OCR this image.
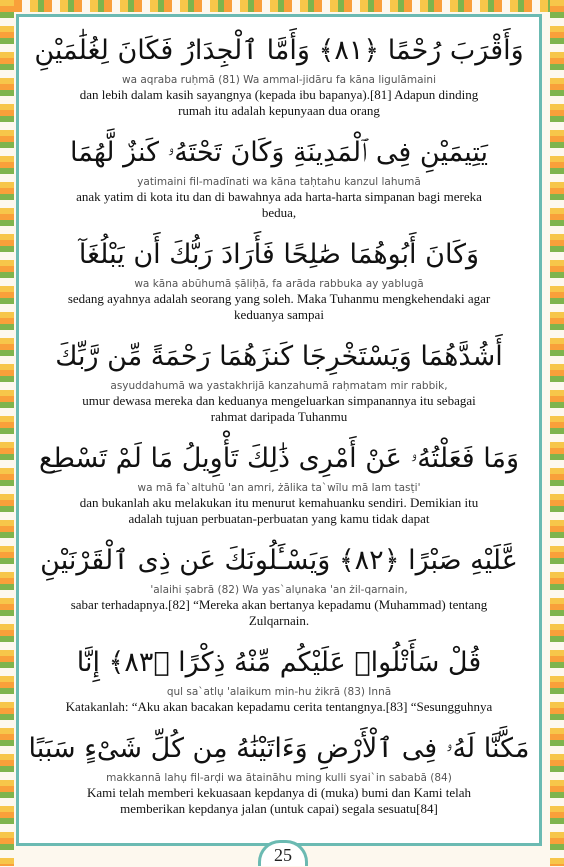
وَأَقْرَبَ رُحْمًا ﴿٨١﴾ وَأَمَّا ٱلْجِدَارُ فَكَانَ لِغُلَٰمَيْنِ
wa aqraba ruḥmā (81) Wa ammal-jidāru fa kāna ligulāmaini
dan lebih dalam kasih sayangnya (kepada ibu bapanya).[81] Adapun dinding rumah itu adalah kepunyaan dua orang
يَتِيمَيْنِ فِى ٱلْمَدِينَةِ وَكَانَ تَحْتَهُۥ كَنزٌ لَّهُمَا
yatimaini fil-madīnati wa kāna taḥtahu kanzul lahumā
anak yatim di kota itu dan di bawahnya ada harta-harta simpanan bagi mereka bedua,
وَكَانَ أَبُوهُمَا صَٰلِحًا فَأَرَادَ رَبُّكَ أَن يَبْلُغَآ
wa kāna abūhumā ṣāliḥā, fa arāda rabbuka ay yablugā
sedang ayahnya adalah seorang yang soleh. Maka Tuhanmu mengkehendaki agar keduanya sampai
أَشُدَّهُمَا وَيَسْتَخْرِجَا كَنزَهُمَا رَحْمَةً مِّن رَّبِّكَ
asyuddahumā wa yastakhrijā kanzahumā raḥmatam mir rabbik,
umur dewasa mereka dan keduanya mengeluarkan simpanannya itu sebagai rahmat daripada Tuhanmu
وَمَا فَعَلْتُهُۥ عَنْ أَمْرِى ذَٰلِكَ تَأْوِيلُ مَا لَمْ تَسْطِع
wa mā fa`altuhū 'an amri, żālika ta`wīlu mā lam tasṭi'
dan bukanlah aku melakukan itu menurut kemahuanku sendiri. Demikian itu adalah tujuan perbuatan-perbuatan yang kamu tidak dapat
عَّلَيْهِ صَبْرًا ﴿٨٢﴾ وَيَسْـَٔلُونَكَ عَن ذِى ٱلْقَرْنَيْنِ
'alaihi ṣabrā (82) Wa yas`alụnaka 'an żil-qarnain,
sabar terhadapnya.[82] “Mereka akan bertanya kepadamu (Muhammad) tentang Zulqarnain.
قُلْ سَأَتْلُوا۟ عَلَيْكُم مِّنْهُ ذِكْرًا ﴿٨٣﴾ إِنَّا
qul sa`atlụ 'alaikum min-hu żikrā (83) Innā
Katakanlah: “Aku akan bacakan kepadamu cerita tentangnya.[83] “Sesungguhnya
مَكَّنَّا لَهُۥ فِى ٱلْأَرْضِ وَءَاتَيْنَٰهُ مِن كُلِّ شَىْءٍ سَبَبًا
makkannā lahụ fil-arḍi wa ātaināhu ming kulli syai`in sababā (84)
Kami telah memberi kekuasaan kepdanya di (muka) bumi dan Kami telah memberikan kepdanya jalan (untuk capai) segala sesuatu[84]
25
